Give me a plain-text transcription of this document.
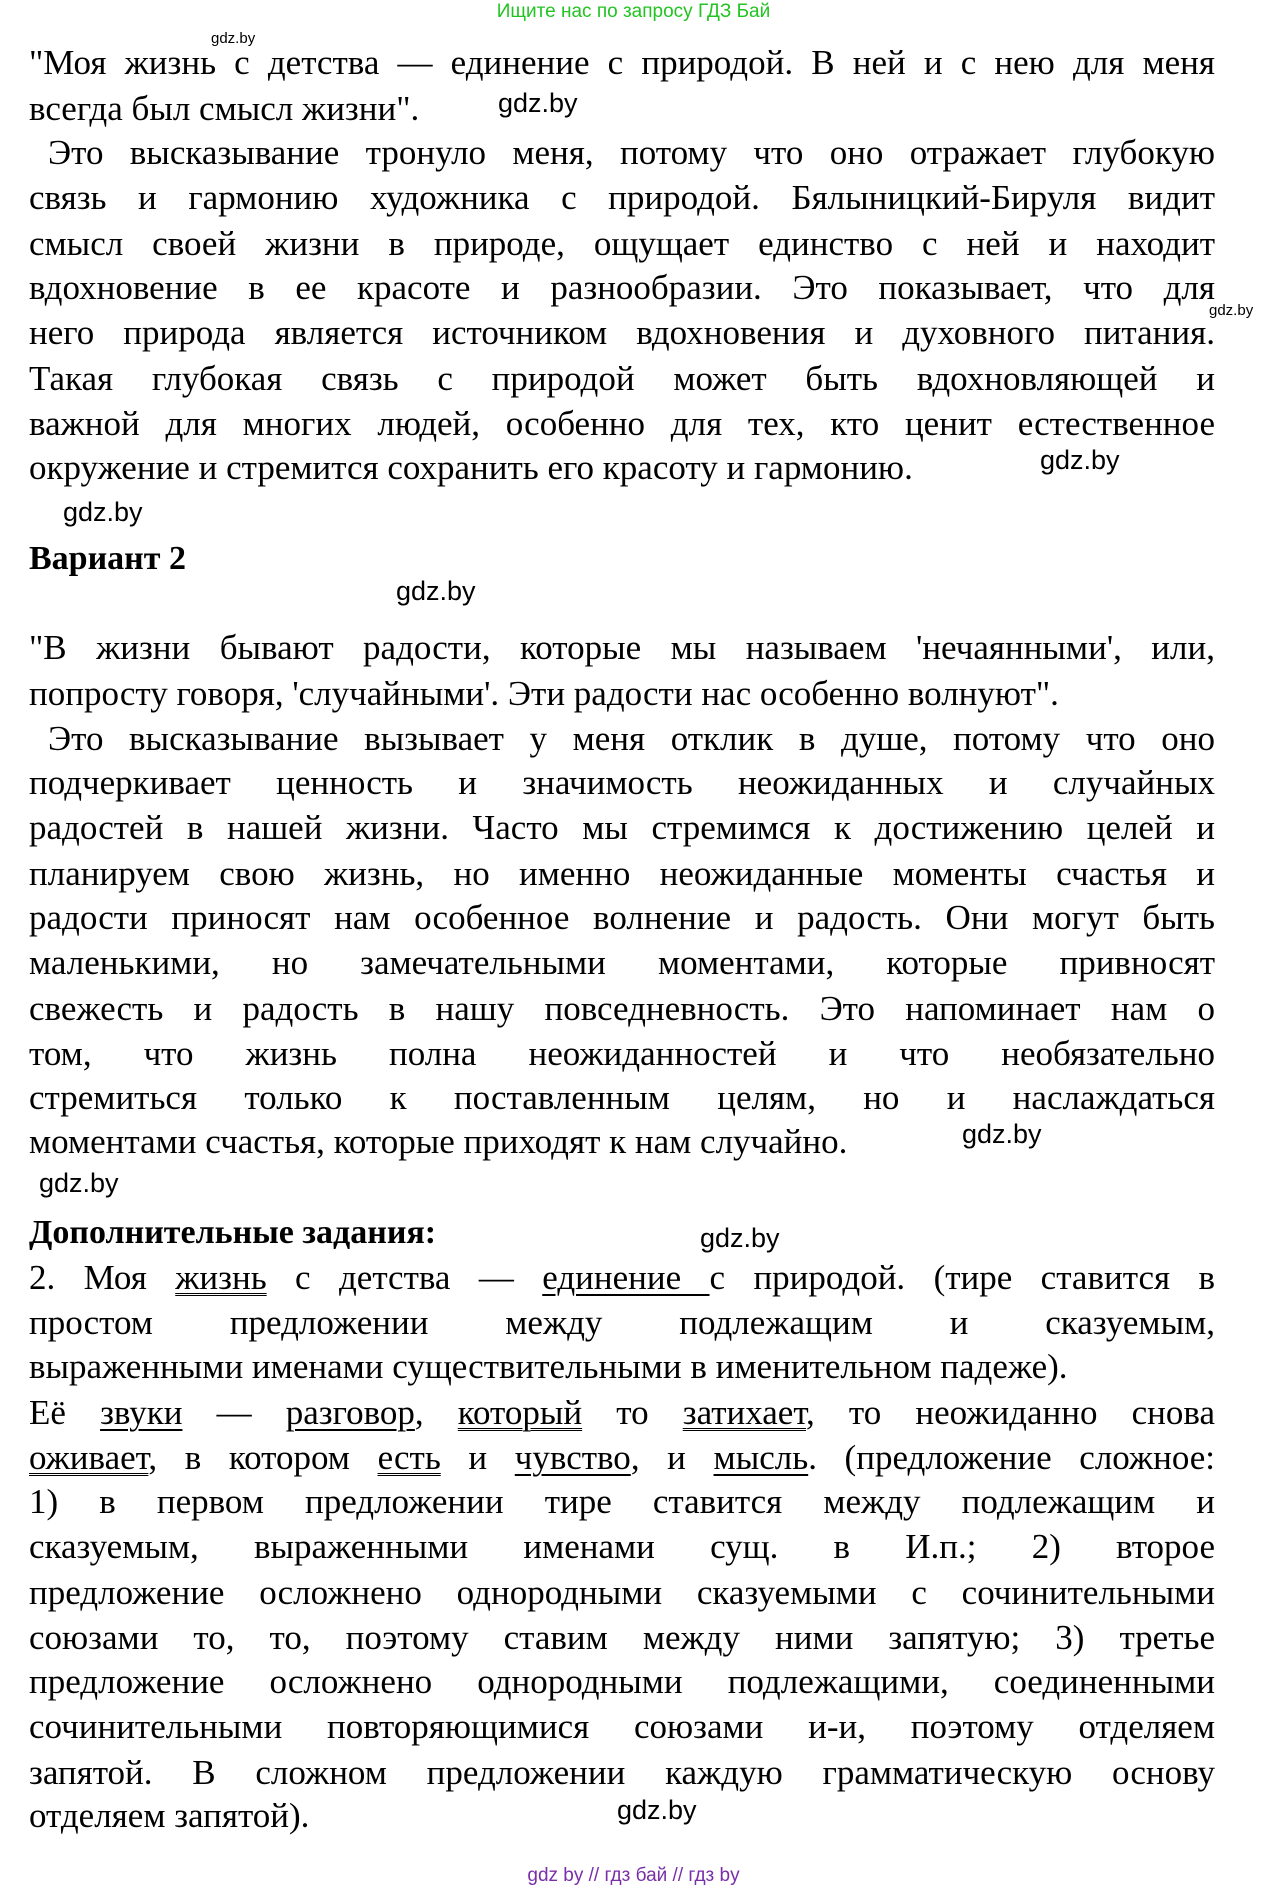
Ищите нас по запросу ГДЗ Бай
gdz.by
gdz.by
gdz.by
gdz.by
gdz.by
gdz.by
gdz.by
gdz.by
gdz.by
gdz.by
"Моя жизнь с детства — единение с природой. В ней и с нею для меня
всегда был смысл жизни".
Это высказывание тронуло меня, потому что оно отражает глубокую
связь и гармонию художника с природой. Бялыницкий-Бируля видит
смысл своей жизни в природе, ощущает единство с ней и находит
вдохновение в ее красоте и разнообразии. Это показывает, что для
него природа является источником вдохновения и духовного питания.
Такая глубокая связь с природой может быть вдохновляющей и
важной для многих людей, особенно для тех, кто ценит естественное
окружение и стремится сохранить его красоту и гармонию.
Вариант 2
"В жизни бывают радости, которые мы называем 'нечаянными', или,
попросту говоря, 'случайными'. Эти радости нас особенно волнуют".
Это высказывание вызывает у меня отклик в душе, потому что оно
подчеркивает ценность и значимость неожиданных и случайных
радостей в нашей жизни. Часто мы стремимся к достижению целей и
планируем свою жизнь, но именно неожиданные моменты счастья и
радости приносят нам особенное волнение и радость. Они могут быть
маленькими, но замечательными моментами, которые привносят
свежесть и радость в нашу повседневность. Это напоминает нам о
том, что жизнь полна неожиданностей и что необязательно
стремиться только к поставленным целям, но и наслаждаться
моментами счастья, которые приходят к нам случайно.
Дополнительные задания:
2. Моя жизнь с детства — единение с природой. (тире ставится в
простом предложении между подлежащим и сказуемым,
выраженными именами существительными в именительном падеже).
Её звуки — разговор, который то затихает, то неожиданно снова
оживает, в котором есть и чувство, и мысль. (предложение сложное:
1) в первом предложении тире ставится между подлежащим и
сказуемым, выраженными именами сущ. в И.п.; 2) второе
предложение осложнено однородными сказуемыми с сочинительными
союзами то, то, поэтому ставим между ними запятую; 3) третье
предложение осложнено однородными подлежащими, соединенными
сочинительными повторяющимися союзами и-и, поэтому отделяем
запятой. В сложном предложении каждую грамматическую основу
отделяем запятой).
gdz by // гдз бай // гдз by
